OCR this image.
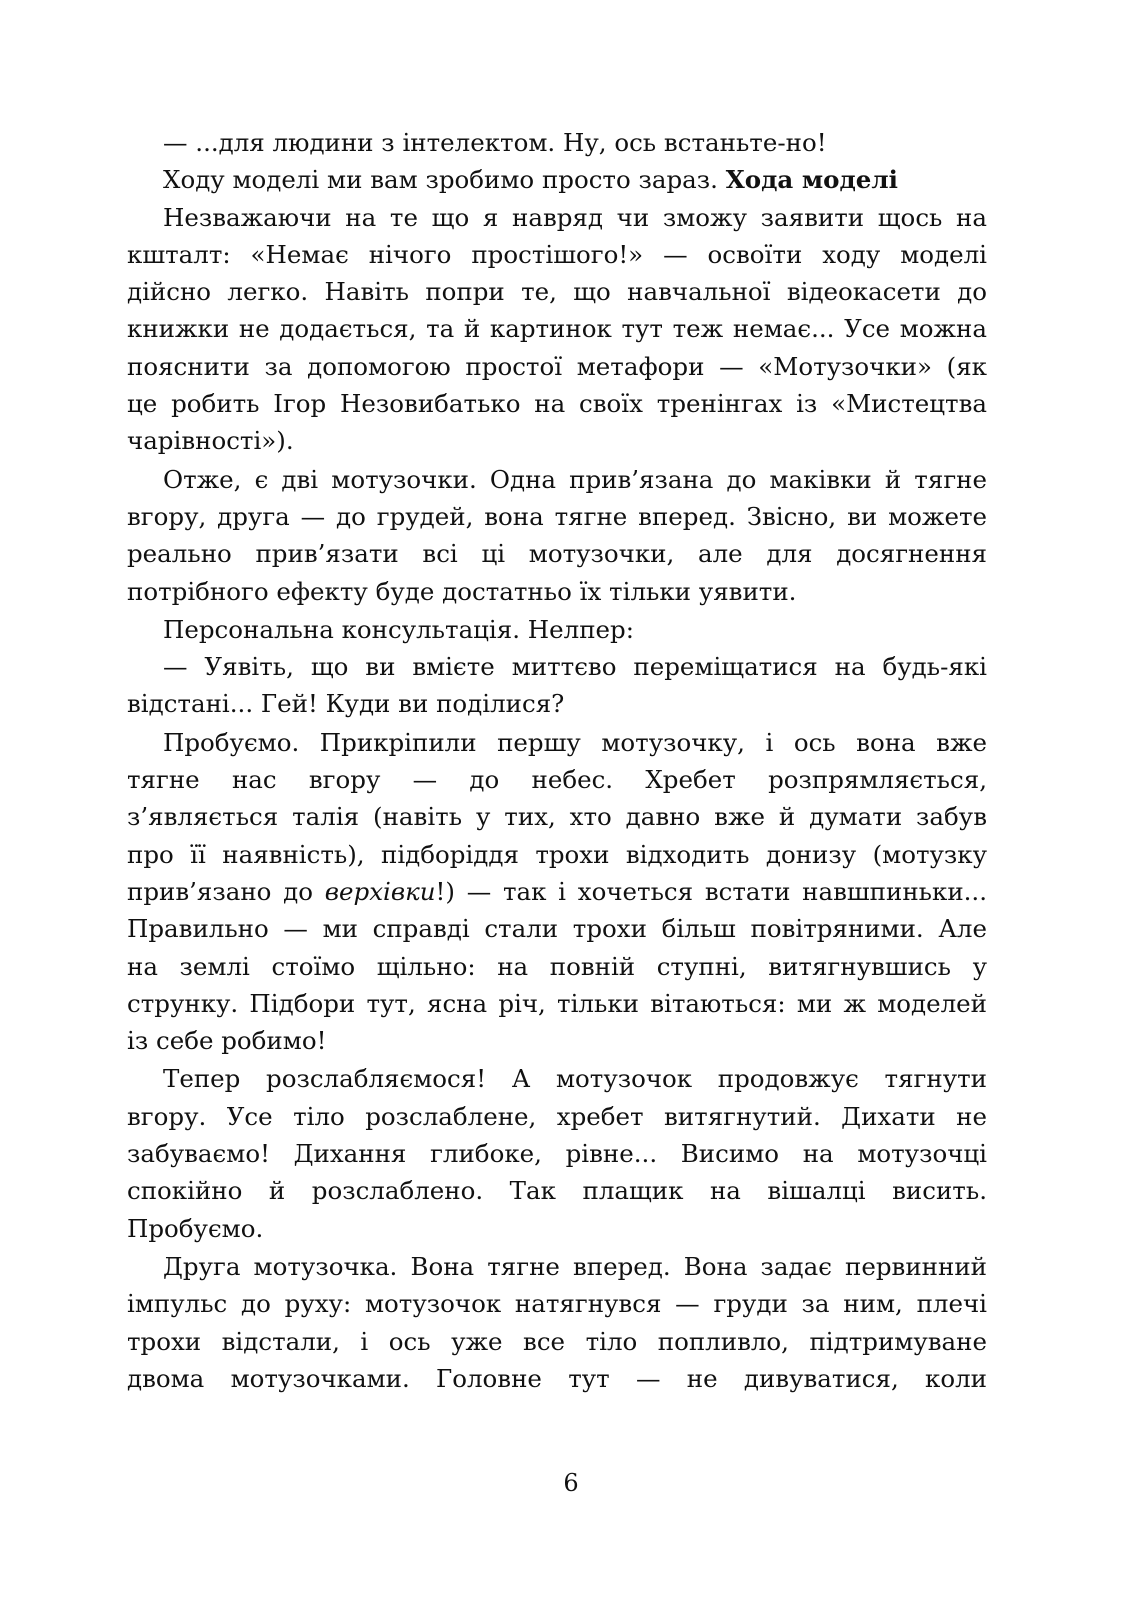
— ...для людини з інтелектом. Ну, ось встаньте-но!
Ходу моделі ми вам зробимо просто зараз. Хода моделі
Незважаючи на те що я навряд чи зможу заявити щось на
кшталт: «Немає нічого простішого!» — освоїти ходу моделі
дійсно легко. Навіть попри те, що навчальної відеокасети до
книжки не додається, та й картинок тут теж немає... Усе можна
пояснити за допомогою простої метафори — «Мотузочки» (як
це робить Ігор Незовибатько на своїх тренінгах із «Мистецтва
чарівності»).
Отже, є дві мотузочки. Одна прив’язана до маківки й тягне
вгору, друга — до грудей, вона тягне вперед. Звісно, ви можете
реально прив’язати всі ці мотузочки, але для досягнення
потрібного ефекту буде достатньо їх тільки уявити.
Персональна консультація. Нелпер:
— Уявіть, що ви вмієте миттєво переміщатися на будь-які
відстані... Гей! Куди ви поділися?
Пробуємо. Прикріпили першу мотузочку, і ось вона вже
тягне нас вгору — до небес. Хребет розпрямляється,
з’являється талія (навіть у тих, хто давно вже й думати забув
про її наявність), підборіддя трохи відходить донизу (мотузку
прив’язано до верхівки!) — так і хочеться встати навшпиньки...
Правильно — ми справді стали трохи більш повітряними. Але
на землі стоїмо щільно: на повній ступні, витягнувшись у
струнку. Підбори тут, ясна річ, тільки вітаються: ми ж моделей
із себе робимо!
Тепер розслабляємося! А мотузочок продовжує тягнути
вгору. Усе тіло розслаблене, хребет витягнутий. Дихати не
забуваємо! Дихання глибоке, рівне... Висимо на мотузочці
спокійно й розслаблено. Так плащик на вішалці висить.
Пробуємо.
Друга мотузочка. Вона тягне вперед. Вона задає первинний
імпульс до руху: мотузочок натягнувся — груди за ним, плечі
трохи відстали, і ось уже все тіло попливло, підтримуване
двома мотузочками. Головне тут — не дивуватися, коли
6
